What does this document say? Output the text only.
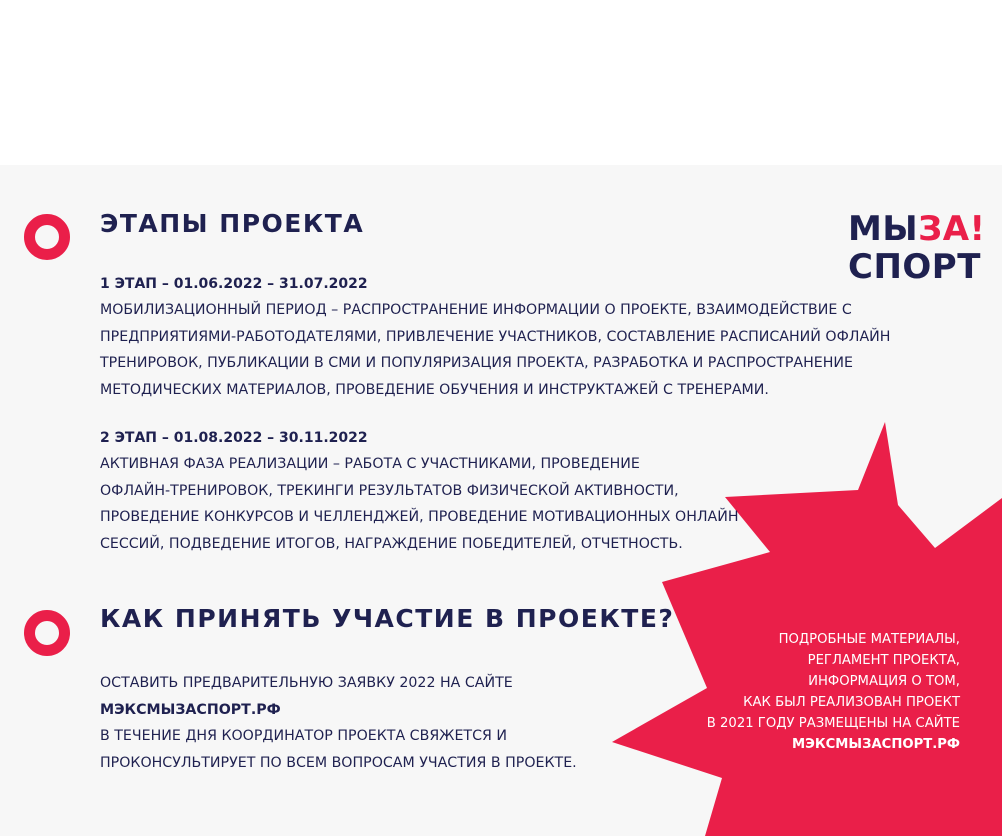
ЭТАПЫ ПРОЕКТА	МЫЗА!
СПОРТ
1 ЭТАП – 01.06.2022 – 31.07.2022
МОБИЛИЗАЦИОННЫЙ ПЕРИОД – РАСПРОСТРАНЕНИЕ ИНФОРМАЦИИ О ПРОЕКТЕ, ВЗАИМОДЕЙСТВИЕ С
ПРЕДПРИЯТИЯМИ-РАБОТОДАТЕЛЯМИ, ПРИВЛЕЧЕНИЕ УЧАСТНИКОВ, СОСТАВЛЕНИЕ РАСПИСАНИЙ ОФЛАЙН
ТРЕНИРОВОК, ПУБЛИКАЦИИ В СМИ И ПОПУЛЯРИЗАЦИЯ ПРОЕКТА, РАЗРАБОТКА И РАСПРОСТРАНЕНИЕ
МЕТОДИЧЕСКИХ МАТЕРИАЛОВ, ПРОВЕДЕНИЕ ОБУЧЕНИЯ И ИНСТРУКТАЖЕЙ С ТРЕНЕРАМИ.
2 ЭТАП – 01.08.2022 – 30.11.2022
АКТИВНАЯ ФАЗА РЕАЛИЗАЦИИ – РАБОТА С УЧАСТНИКАМИ, ПРОВЕДЕНИЕ
ОФЛАЙН-ТРЕНИРОВОК, ТРЕКИНГИ РЕЗУЛЬТАТОВ ФИЗИЧЕСКОЙ АКТИВНОСТИ,
ПРОВЕДЕНИЕ КОНКУРСОВ И ЧЕЛЛЕНДЖЕЙ, ПРОВЕДЕНИЕ МОТИВАЦИОННЫХ ОНЛАЙН
СЕССИЙ, ПОДВЕДЕНИЕ ИТОГОВ, НАГРАЖДЕНИЕ ПОБЕДИТЕЛЕЙ, ОТЧЕТНОСТЬ.
КАК ПРИНЯТЬ УЧАСТИЕ В ПРОЕКТЕ?
ОСТАВИТЬ ПРЕДВАРИТЕЛЬНУЮ ЗАЯВКУ 2022 НА САЙТЕ
МЭКСМЫЗАСПОРТ.РФ
В ТЕЧЕНИЕ ДНЯ КООРДИНАТОР ПРОЕКТА СВЯЖЕТСЯ И
ПРОКОНСУЛЬТИРУЕТ ПО ВСЕМ ВОПРОСАМ УЧАСТИЯ В ПРОЕКТЕ.
ПОДРОБНЫЕ МАТЕРИАЛЫ,
РЕГЛАМЕНТ ПРОЕКТА,
ИНФОРМАЦИЯ О ТОМ,
КАК БЫЛ РЕАЛИЗОВАН ПРОЕКТ
В 2021 ГОДУ РАЗМЕЩЕНЫ НА САЙТЕ
МЭКСМЫЗАСПОРТ.РФ
